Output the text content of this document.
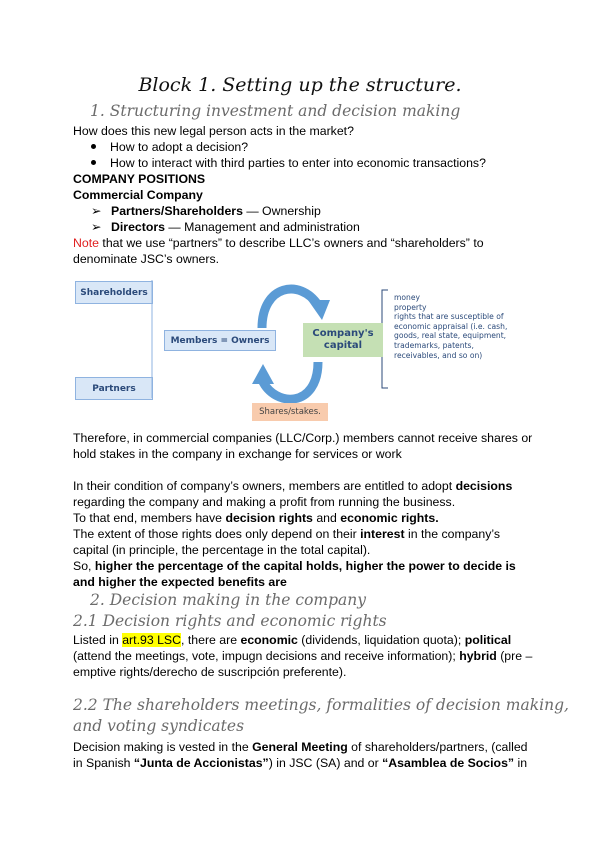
Block 1. Setting up the structure.
1. Structuring investment and decision making
How does this new legal person acts in the market?
How to adopt a decision?
How to interact with third parties to enter into economic transactions?
COMPANY POSITIONS
Commercial Company
➢ Partners/Shareholders — Ownership
➢ Directors — Management and administration
Note that we use “partners” to describe LLC’s owners and “shareholders” to
denominate JSC’s owners.
Shareholders
Partners
Members = Owners
Company's
capital
Shares/stakes.
money
property
rights that are susceptible of
economic appraisal (i.e. cash,
goods, real state, equipment,
trademarks, patents,
receivables, and so on)
Therefore, in commercial companies (LLC/Corp.) members cannot receive shares or
hold stakes in the company in exchange for services or work
In their condition of company’s owners, members are entitled to adopt decisions
regarding the company and making a profit from running the business.
To that end, members have decision rights and economic rights.
The extent of those rights does only depend on their interest in the company’s
capital (in principle, the percentage in the total capital).
So, higher the percentage of the capital holds, higher the power to decide is
and higher the expected benefits are
2. Decision making in the company
2.1 Decision rights and economic rights
Listed in art.93 LSC, there are economic (dividends, liquidation quota); political
(attend the meetings, vote, impugn decisions and receive information); hybrid (pre –
emptive rights/derecho de suscripción preferente).
2.2 The shareholders meetings, formalities of decision making,
and voting syndicates
Decision making is vested in the General Meeting of shareholders/partners, (called
in Spanish “Junta de Accionistas”) in JSC (SA) and or “Asamblea de Socios” in
